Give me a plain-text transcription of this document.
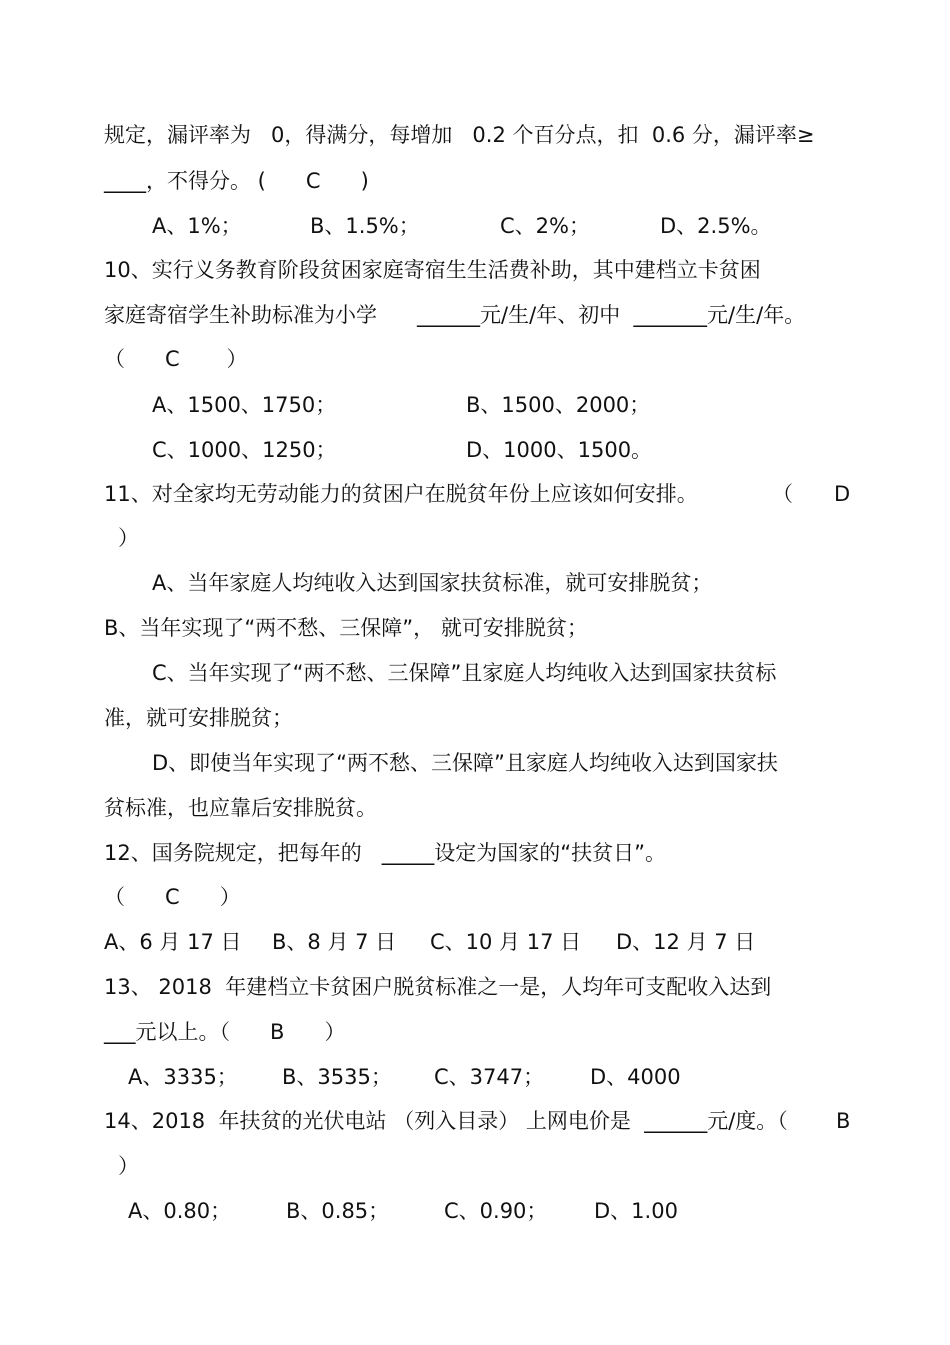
规定，漏评率为   0，得满分，每增加   0.2 个百分点，扣  0.6 分，漏评率≥
____，不得分。 (      C      )
A、1%；	B、1.5%；	C、2%；	D、2.5%。
10、实行义务教育阶段贫困家庭寄宿生生活费补助，其中建档立卡贫困
家庭寄宿学生补助标准为小学      ______元/生/年、初中  _______元/生/年。
（      C       ）
A、1500、1750；	B、1500、2000；
C、1000、1250；	D、1000、1500。
11、对全家均无劳动能力的贫困户在脱贫年份上应该如何安排。	（ D
）
A、当年家庭人均纯收入达到国家扶贫标准，就可安排脱贫；
B、当年实现了“两不愁、三保障”， 就可安排脱贫；
C、当年实现了“两不愁、三保障”且家庭人均纯收入达到国家扶贫标
准，就可安排脱贫；
D、即使当年实现了“两不愁、三保障”且家庭人均纯收入达到国家扶
贫标准，也应靠后安排脱贫。
12、国务院规定，把每年的   _____设定为国家的“扶贫日”。
（      C      ）
A、6 月 17 日 B、8 月 7 日 C、10 月 17 日 D、12 月 7 日
13、 2018  年建档立卡贫困户脱贫标准之一是，人均年可支配收入达到
___元以上。（      B      ）
A、3335； B、3535； C、3747； D、4000
14、2018  年扶贫的光伏电站 （列入目录） 上网电价是  ______元/度。（ B
）
A、0.80；	B、0.85；	C、0.90； D、1.00
